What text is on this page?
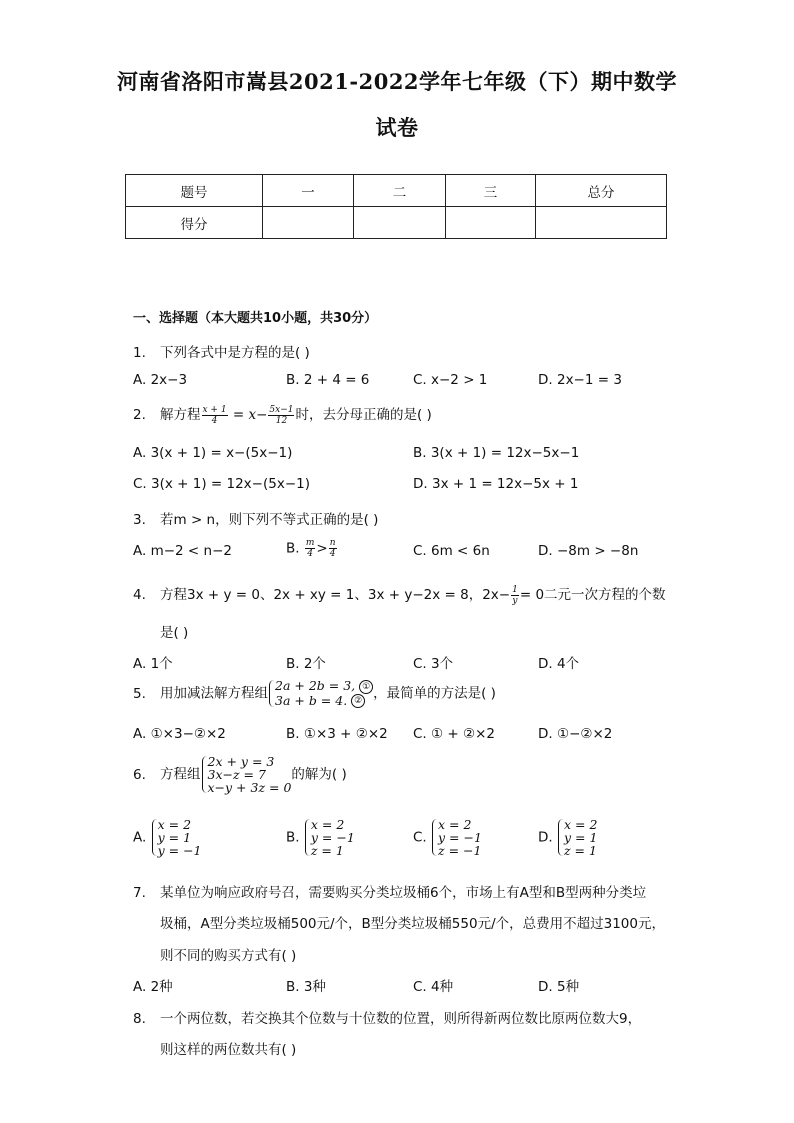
河南省洛阳市嵩县2021-2022学年七年级（下）期中数学
试卷
题号	一	二	三	总分
得分				
一、选择题（本大题共10小题，共30分）
1. 下列各式中是方程的是( )
A. 2x−3	B. 2 + 4 = 6	C. x−2 > 1	D. 2x−1 = 3
2. 解方程 $\frac{x + 1}{4} = x- \frac{5x-1}{12}$ 时，去分母正确的是( )
A. 3(x + 1) = x−(5x−1)	B. 3(x + 1) = 12x−5x−1
C. 3(x + 1) = 12x−(5x−1)	D. 3x + 1 = 12x−5x + 1
3. 若m > n，则下列不等式正确的是( )
A. m−2 < n−2	B. $\frac{m}{4} > \frac{n}{4}$	C. 6m < 6n	D. −8m > −8n
4. 方程3x + y = 0、2x + xy = 1、3x + y−2x = 8，$2x- \frac{1}{y} = 0$二元一次方程的个数
是( )
A. 1个	B. 2个	C. 3个	D. 4个
5. 用加减法解方程组 2a + 2b = 3, ①
3a + b = 4. ② ，最简单的方法是( )
A. ①×3−②×2	B. ①×3 + ②×2 C. ① + ②×2	D. ①−②×2
6. 方程组
2x + y = 3
3x−z = 7
x−y + 3z = 0
的解为( )
A.
x = 2
y = 1
y = −1
B.
x = 2
y = −1
z = 1
C.
x = 2
y = −1
z = −1
D.
x = 2
y = 1
z = 1
7. 某单位为响应政府号召，需要购买分类垃圾桶6个，市场上有A型和B型两种分类垃
圾桶，A型分类垃圾桶500元/个，B型分类垃圾桶550元/个，总费用不超过3100元，
则不同的购买方式有( )
A. 2种	B. 3种	C. 4种	D. 5种
8. 一个两位数，若交换其个位数与十位数的位置，则所得新两位数比原两位数大9，
则这样的两位数共有( )
